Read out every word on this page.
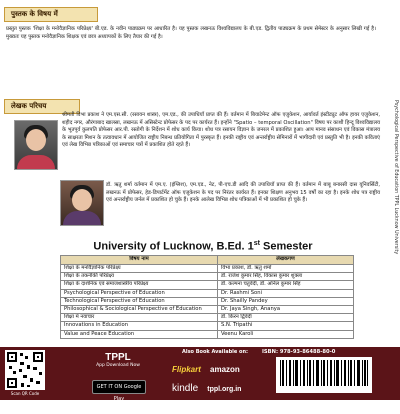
पुस्तक के विषय में
प्रस्तुत पुस्तक 'शिक्षा के मनोवैज्ञानिक परिप्रेक्ष्य' बी.एड. के नवीन पाठ्यक्रम पर आधारित है। यह पुस्तक लखनऊ विश्वविद्यालय के बी.एड. द्वितीय पाठ्यक्रम के प्रथम सेमेस्टर के अनुसार लिखी गई है। मुख्यतः यह पुस्तक मनोवैज्ञानिक शिक्षक एवं छात्र अध्यापकों के लिए तैयार की गई है।
लेखक परिचय
श्रीमती विभा प्रकाश ने एम.एस.सी. (रसायन शास्त्र), एम.एड., की उपाधियाँ प्राप्त की हैं। वर्तमान में बियाटेमेन्ट ऑफ एजुकेशन, आर्यावर्त इंस्टीट्यूट ऑफ हायर एजुकेशन, शहीद नगर, औरंगाबाद खालसा, लखनऊ में असिस्टेन्ट प्रोफेसर के पद पर कार्यरत हैं। इन्होंने "Spatio – temporal Oscillation" विषय पर काशी हिन्दू विश्वविद्यालय के भूतपूर्व कुलपति प्रोफेसर आर.पी. रस्तोगी के निर्देशन में शोध कार्य किया। शोध पत्र रसायन विज्ञान के जनरल में प्रकाशित हुआ। आप मानव संसाधन एवं विकास मंत्रालय के साक्षरता मिशन के तत्वावधान में आयोजित राष्ट्रीय निबन्ध प्रतियोगिता में पुरस्कृत हैं। इनकी राष्ट्रीय एवं अन्तर्राष्ट्रीय सेमिनारों में भागीदारी एवं प्रस्तुति भी है। इनकी कविताएं एवं लेख विभिन्न पत्रिकाओं एवं समाचार पत्रों में प्रकाशित होते रहते हैं।
डॉ. ऋतु शर्मा वर्तमान में एम.ए. (इंग्लिश), एम.एड., नेट, पी-एच.डी आदि की उपाधियाँ प्राप्त की हैं। वर्तमान में बाबू बनारसी दास यूनिवर्सिटी, लखनऊ में प्रोफेसर, हेड-डिपार्टमेंट ऑफ एजुकेशन के पद पर निरंतर कार्यरत हैं। इनका शिक्षण अनुभव 15 वर्षों का रहा है। इनके शोध पत्र राष्ट्रीय एवं अन्तर्राष्ट्रीय जर्नल में प्रकाशित हो चुके हैं। इनके आलेख विभिन्न शोध पत्रिकाओं में भी प्रकाशित हो चुके हैं।
University of Lucknow, B.Ed. 1st Semester
विषय नाम	लेखकगण
शिक्षा के मनोवैज्ञानिक परिप्रेक्ष्य	विभा प्रकाश, डॉ. ऋतु शर्मा
शिक्षा के तकनीकी परिप्रेक्ष्य	डॉ. राजेश कुमार सिंह, विकास कुमार शुक्ला
शिक्षा के दार्शनिक एवं समाजशास्त्रीय परिप्रेक्ष्य	डॉ. कल्पना चतुर्वेदी, डॉ. अनिल कुमार सिंह
Psychological Perspective of Education	Dr. Rashmi Soni
Technological Perspective of Education	Dr. Shailly Pandey
Philosophical & Sociological Perspective of Education	Dr. Jaya Singh, Ananya
शिक्षा में नवाचार	डॉ. किरन द्विवेदी
Innovations in Education	S.N. Tripathi
Value and Peace Education	Veenu Karoli
Scan QR Code
TPPL
App Download Now
GET IT ON Google Play
Also Book Available on:
Flipkart amazon
kindle tppl.org.in
questionpaper.org.in
ISBN: 978-93-86488-80-0
Psychological Perspective of Education TPPL Lucknow University
